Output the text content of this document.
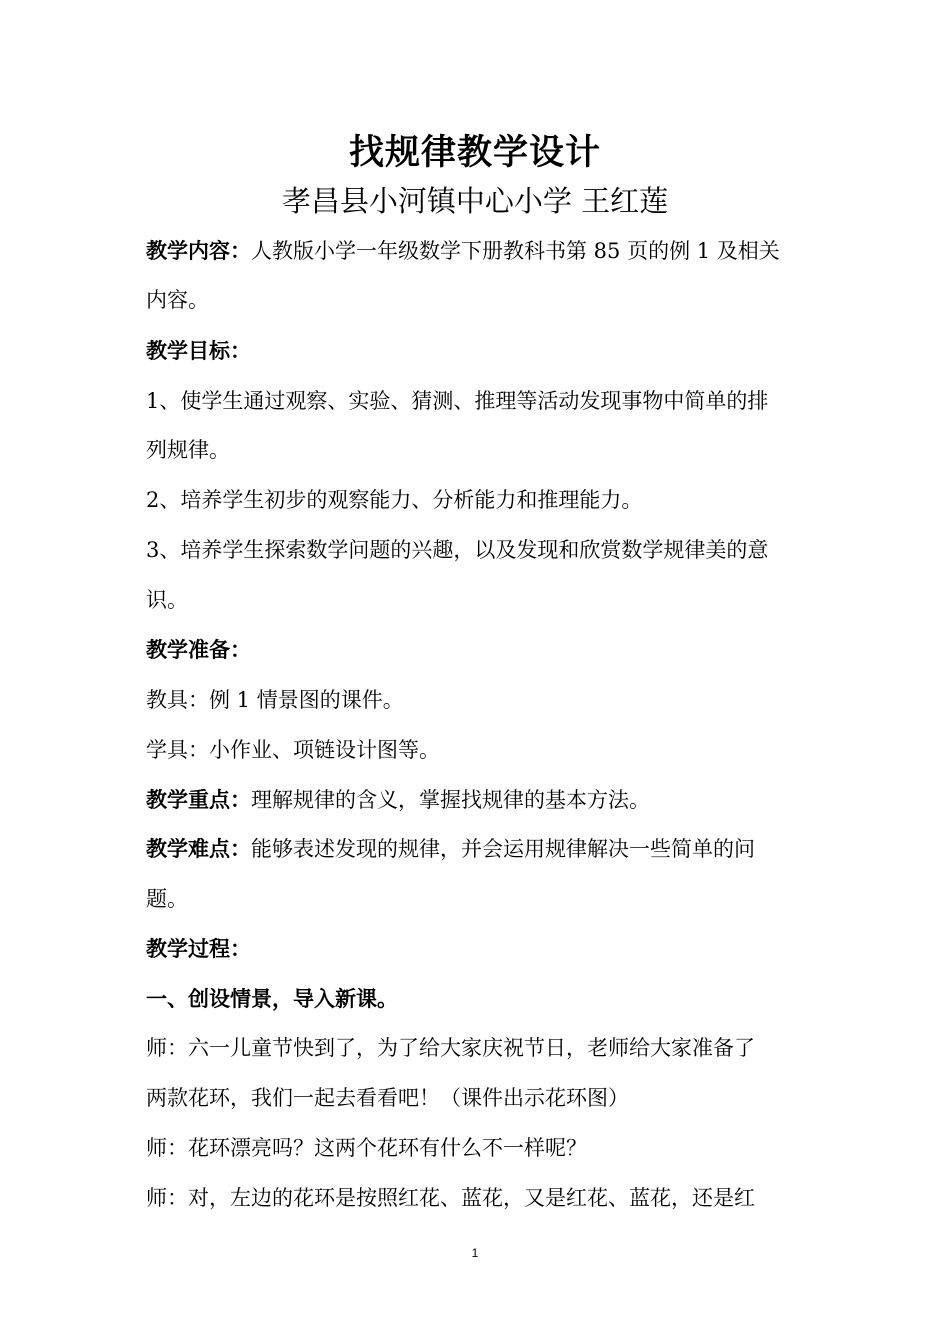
找规律教学设计
孝昌县小河镇中心小学 王红莲
教学内容：人教版小学一年级数学下册教科书第 85 页的例 1 及相关
内容。
教学目标：
1、使学生通过观察、实验、猜测、推理等活动发现事物中简单的排
列规律。
2、培养学生初步的观察能力、分析能力和推理能力。
3、培养学生探索数学问题的兴趣，以及发现和欣赏数学规律美的意
识。
教学准备：
教具：例 1 情景图的课件。
学具：小作业、项链设计图等。
教学重点：理解规律的含义，掌握找规律的基本方法。
教学难点：能够表述发现的规律，并会运用规律解决一些简单的问
题。
教学过程：
一、创设情景，导入新课。
师：六一儿童节快到了，为了给大家庆祝节日，老师给大家准备了
两款花环，我们一起去看看吧！（课件出示花环图）
师：花环漂亮吗？这两个花环有什么不一样呢？
师：对，左边的花环是按照红花、蓝花，又是红花、蓝花，还是红
1
